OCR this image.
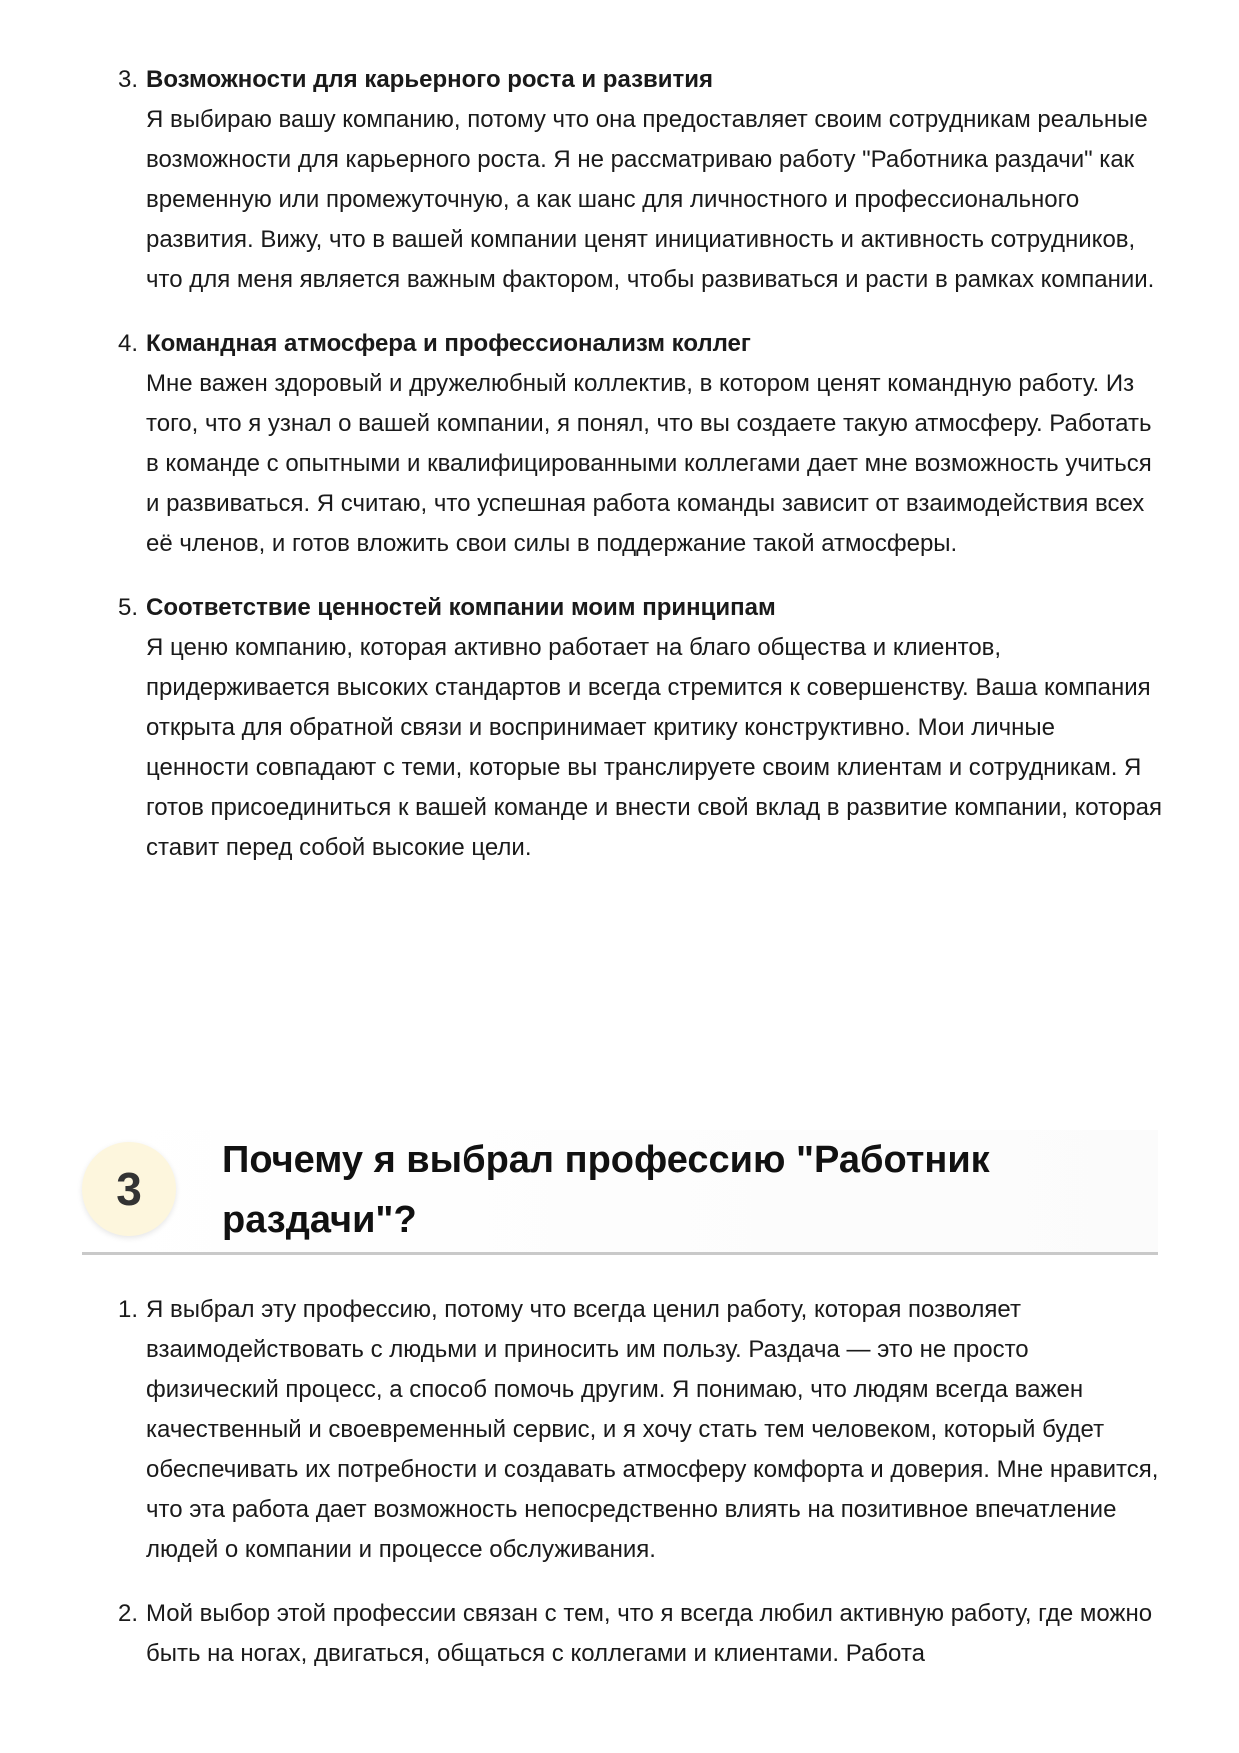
3. Возможности для карьерного роста и развития
Я выбираю вашу компанию, потому что она предоставляет своим сотрудникам реальные возможности для карьерного роста. Я не рассматриваю работу "Работника раздачи" как временную или промежуточную, а как шанс для личностного и профессионального развития. Вижу, что в вашей компании ценят инициативность и активность сотрудников, что для меня является важным фактором, чтобы развиваться и расти в рамках компании.
4. Командная атмосфера и профессионализм коллег
Мне важен здоровый и дружелюбный коллектив, в котором ценят командную работу. Из того, что я узнал о вашей компании, я понял, что вы создаете такую атмосферу. Работать в команде с опытными и квалифицированными коллегами дает мне возможность учиться и развиваться. Я считаю, что успешная работа команды зависит от взаимодействия всех её членов, и готов вложить свои силы в поддержание такой атмосферы.
5. Соответствие ценностей компании моим принципам
Я ценю компанию, которая активно работает на благо общества и клиентов, придерживается высоких стандартов и всегда стремится к совершенству. Ваша компания открыта для обратной связи и воспринимает критику конструктивно. Мои личные ценности совпадают с теми, которые вы транслируете своим клиентам и сотрудникам. Я готов присоединиться к вашей команде и внести свой вклад в развитие компании, которая ставит перед собой высокие цели.
3
Почему я выбрал профессию "Работник раздачи"?
1. Я выбрал эту профессию, потому что всегда ценил работу, которая позволяет взаимодействовать с людьми и приносить им пользу. Раздача — это не просто физический процесс, а способ помочь другим. Я понимаю, что людям всегда важен качественный и своевременный сервис, и я хочу стать тем человеком, который будет обеспечивать их потребности и создавать атмосферу комфорта и доверия. Мне нравится, что эта работа дает возможность непосредственно влиять на позитивное впечатление людей о компании и процессе обслуживания.
2. Мой выбор этой профессии связан с тем, что я всегда любил активную работу, где можно быть на ногах, двигаться, общаться с коллегами и клиентами. Работа
